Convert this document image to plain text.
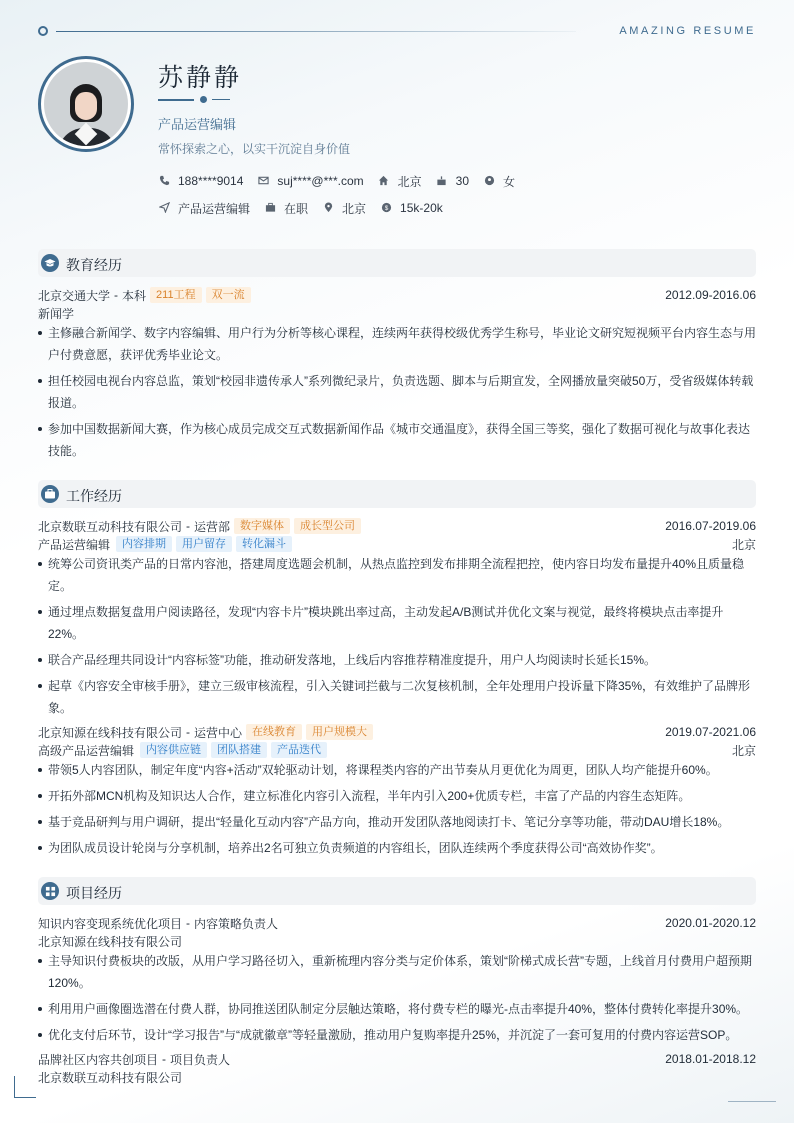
AMAZING RESUME
苏静静
产品运营编辑
常怀探索之心，以实干沉淀自身价值
188****9014	suj****@***.com	北京	30	女
产品运营编辑	在职	北京	$ 15k-20k
教育经历
北京交通大学 - 本科 211工程	双一流	2012.09-2016.06
新闻学
主修融合新闻学、数字内容编辑、用户行为分析等核心课程，连续两年获得校级优秀学生称号，毕业论文研究短视频平台内容生态与用户付费意愿，获评优秀毕业论文。
担任校园电视台内容总监，策划“校园非遗传承人”系列微纪录片，负责选题、脚本与后期宣发，全网播放量突破50万，受省级媒体转载报道。
参加中国数据新闻大赛，作为核心成员完成交互式数据新闻作品《城市交通温度》，获得全国三等奖，强化了数据可视化与故事化表达技能。
工作经历
北京数联互动科技有限公司 - 运营部 数字媒体	成长型公司	2016.07-2019.06
产品运营编辑	内容排期	用户留存	转化漏斗	北京
统筹公司资讯类产品的日常内容池，搭建周度选题会机制，从热点监控到发布排期全流程把控，使内容日均发布量提升40%且质量稳定。
通过埋点数据复盘用户阅读路径，发现“内容卡片”模块跳出率过高，主动发起A/B测试并优化文案与视觉，最终将模块点击率提升22%。
联合产品经理共同设计“内容标签”功能，推动研发落地，上线后内容推荐精准度提升，用户人均阅读时长延长15%。
起草《内容安全审核手册》，建立三级审核流程，引入关键词拦截与二次复核机制，全年处理用户投诉量下降35%，有效维护了品牌形象。
北京知源在线科技有限公司 - 运营中心 在线教育	用户规模大	2019.07-2021.06
高级产品运营编辑	内容供应链	团队搭建	产品迭代	北京
带领5人内容团队，制定年度“内容+活动”双轮驱动计划，将课程类内容的产出节奏从月更优化为周更，团队人均产能提升60%。
开拓外部MCN机构及知识达人合作，建立标准化内容引入流程，半年内引入200+优质专栏，丰富了产品的内容生态矩阵。
基于竞品研判与用户调研，提出“轻量化互动内容”产品方向，推动开发团队落地阅读打卡、笔记分享等功能，带动DAU增长18%。
为团队成员设计轮岗与分享机制，培养出2名可独立负责频道的内容组长，团队连续两个季度获得公司“高效协作奖”。
项目经历
知识内容变现系统优化项目 - 内容策略负责人	2020.01-2020.12
北京知源在线科技有限公司
主导知识付费板块的改版，从用户学习路径切入，重新梳理内容分类与定价体系，策划“阶梯式成长营”专题，上线首月付费用户超预期120%。
利用用户画像圈选潜在付费人群，协同推送团队制定分层触达策略，将付费专栏的曝光-点击率提升40%，整体付费转化率提升30%。
优化支付后环节，设计“学习报告”与“成就徽章”等轻量激励，推动用户复购率提升25%，并沉淀了一套可复用的付费内容运营SOP。
品牌社区内容共创项目 - 项目负责人	2018.01-2018.12
北京数联互动科技有限公司
